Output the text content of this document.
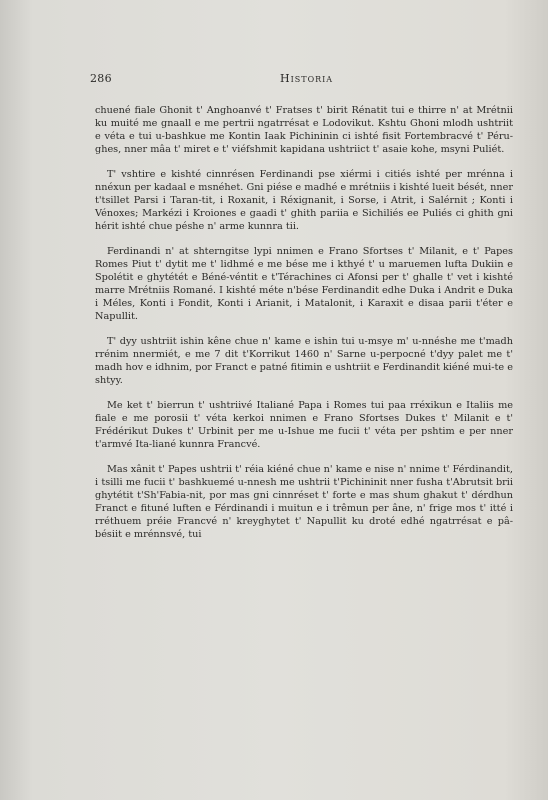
286	Historia

chuené fiale Ghonit t' Anghoanvé t' Fratses t' birit Rénatit tui e thirre n' at Mrétnii ku muité me gnaall e me pertrii ngatrrésat e Lodovikut. Kshtu Ghoni mlodh ushtriit e véta e tui u-bashkue me Kontin Iaak Pichininin ci ishté fisit Fortembracvé t' Péru-ghes, nner mâa t' miret e t' viéfshmit kapidana ushtriict t' asaie kohe, msyni Puliét.

T' vshtire e kishté cinnrésen Ferdinandi pse xiérmi i citiés ishté per mrénna i nnéxun per kadaal e msnéhet. Gni piése e madhé e mrétniis i kishté lueit bését, nner t'tsillet Parsi i Taran-tit, i Roxanit, i Réxignanit, i Sorse, i Atrit, i Salérnit ; Konti i Vénoxes; Markézi i Kroiones e gaadi t' ghith pariia e Sichiliés ee Puliés ci ghith gni hérit ishté chue péshe n' arme kunnra tii.

Ferdinandi n' at shterngitse lypi nnimen e Frano Sfortses t' Milanit, e t' Papes Romes Piut t' dytit me t' lidhmé e me bése me i kthyé t' u maruemen lufta Dukiin e Spolétit e ghytétét e Béné-véntit e t'Térachines ci Afonsi per t' ghalle t' vet i kishté marre Mrétniis Romané. I kishté méte n'bése Ferdinandit edhe Duka i Andrit e Duka i Méles, Konti i Fondit, Konti i Arianit, i Matalonit, i Karaxit e disaa parii t'éter e Napullit.

T' dyy ushtriit ishin kêne chue n' kame e ishin tui u-msye m' u-nnéshe me t'madh rrénim nnermiét, e me 7 dit t'Korrikut 1460 n' Sarne u-perpocné t'dyy palet me t' madh hov e idhnim, por Franct e patné fitimin e ushtriit e Ferdinandit kiéné mui-te e shtyy.

Me ket t' bierrun t' ushtriivé Italiané Papa i Romes tui paa rréxikun e Italiis me fiale e me porosii t' véta kerkoi nnimen e Frano Sfortses Dukes t' Milanit e t' Frédérikut Dukes t' Urbinit per me u-Ishue me fucii t' véta per pshtim e per nner t'armvé Ita-liané kunnra Francvé.

Mas xânit t' Papes ushtrii t' réia kiéné chue n' kame e nise n' nnime t' Férdinandit, i tsilli me fucii t' bashkuemé u-nnesh me ushtrii t'Pichininit nner fusha t'Abrutsit brii ghytétit t'Sh'Fabia-nit, por mas gni cinnréset t' forte e mas shum ghakut t' dérdhun Franct e fituné luften e Férdinandi i muitun e i trêmun per âne, n' frige mos t' itté i rréthuem préie Francvé n' kreyghytet t' Napullit ku droté edhé ngatrrésat e pâ-bésiit e mrénnsvé, tui
